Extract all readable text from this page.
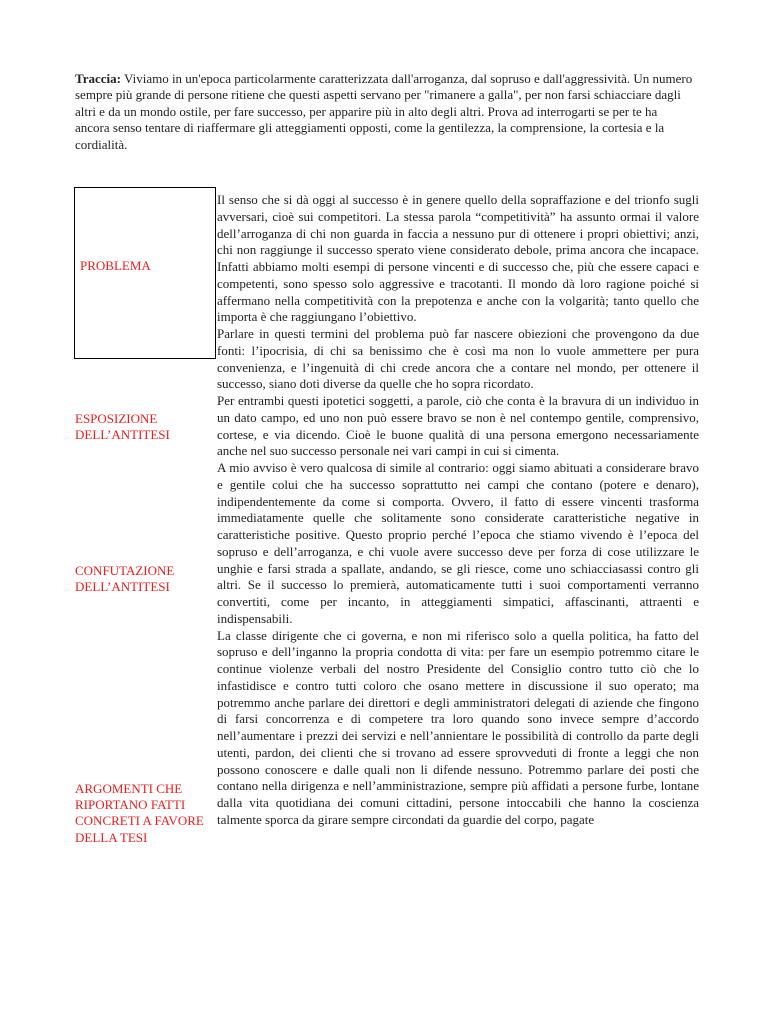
Traccia: Viviamo in un'epoca particolarmente caratterizzata dall'arroganza, dal sopruso e dall'aggressività. Un numero sempre più grande di persone ritiene che questi aspetti servano per "rimanere a galla", per non farsi schiacciare dagli altri e da un mondo ostile, per fare successo, per apparire più in alto degli altri. Prova ad interrogarti se per te ha ancora senso tentare di riaffermare gli atteggiamenti opposti, come la gentilezza, la comprensione, la cortesia e la cordialità.

PROBLEMA
ESPOSIZIONE DELL’ANTITESI
CONFUTAZIONE DELL’ANTITESI
ARGOMENTI CHE RIPORTANO FATTI CONCRETI A FAVORE DELLA TESI

Il senso che si dà oggi al successo è in genere quello della sopraffazione e del trionfo sugli avversari, cioè sui competitori. La stessa parola “competitività” ha assunto ormai il valore dell’arroganza di chi non guarda in faccia a nessuno pur di ottenere i propri obiettivi; anzi, chi non raggiunge il successo sperato viene considerato debole, prima ancora che incapace. Infatti abbiamo molti esempi di persone vincenti e di successo che, più che essere capaci e competenti, sono spesso solo aggressive e tracotanti. Il mondo dà loro ragione poiché si affermano nella competitività con la prepotenza e anche con la volgarità; tanto quello che importa è che raggiungano l’obiettivo.

Parlare in questi termini del problema può far nascere obiezioni che provengono da due fonti: l’ipocrisia, di chi sa benissimo che è così ma non lo vuole ammettere per pura convenienza, e l’ingenuità di chi crede ancora che a contare nel mondo, per ottenere il successo, siano doti diverse da quelle che ho sopra ricordato.

Per entrambi questi ipotetici soggetti, a parole, ciò che conta è la bravura di un individuo in un dato campo, ed uno non può essere bravo se non è nel contempo gentile, comprensivo, cortese, e via dicendo. Cioè le buone qualità di una persona emergono necessariamente anche nel suo successo personale nei vari campi in cui si cimenta.

A mio avviso è vero qualcosa di simile al contrario: oggi siamo abituati a considerare bravo e gentile colui che ha successo soprattutto nei campi che contano (potere e denaro), indipendentemente da come si comporta. Ovvero, il fatto di essere vincenti trasforma immediatamente quelle che solitamente sono considerate caratteristiche negative in caratteristiche positive. Questo proprio perché l’epoca che stiamo vivendo è l’epoca del sopruso e dell’arroganza, e chi vuole avere successo deve per forza di cose utilizzare le unghie e farsi strada a spallate, andando, se gli riesce, come uno schiacciasassi contro gli altri. Se il successo lo premierà, automaticamente tutti i suoi comportamenti verranno convertiti, come per incanto, in atteggiamenti simpatici, affascinanti, attraenti e indispensabili.

La classe dirigente che ci governa, e non mi riferisco solo a quella politica, ha fatto del sopruso e dell’inganno la propria condotta di vita: per fare un esempio potremmo citare le continue violenze verbali del nostro Presidente del Consiglio contro tutto ciò che lo infastidisce e contro tutti coloro che osano mettere in discussione il suo operato; ma potremmo anche parlare dei direttori e degli amministratori delegati di aziende che fingono di farsi concorrenza e di competere tra loro quando sono invece sempre d’accordo nell’aumentare i prezzi dei servizi e nell’annientare le possibilità di controllo da parte degli utenti, pardon, dei clienti che si trovano ad essere sprovveduti di fronte a leggi che non possono conoscere e dalle quali non li difende nessuno. Potremmo parlare dei posti che contano nella dirigenza e nell’amministrazione, sempre più affidati a persone furbe, lontane dalla vita quotidiana dei comuni cittadini, persone intoccabili che hanno la coscienza talmente sporca da girare sempre circondati da guardie del corpo, pagate
